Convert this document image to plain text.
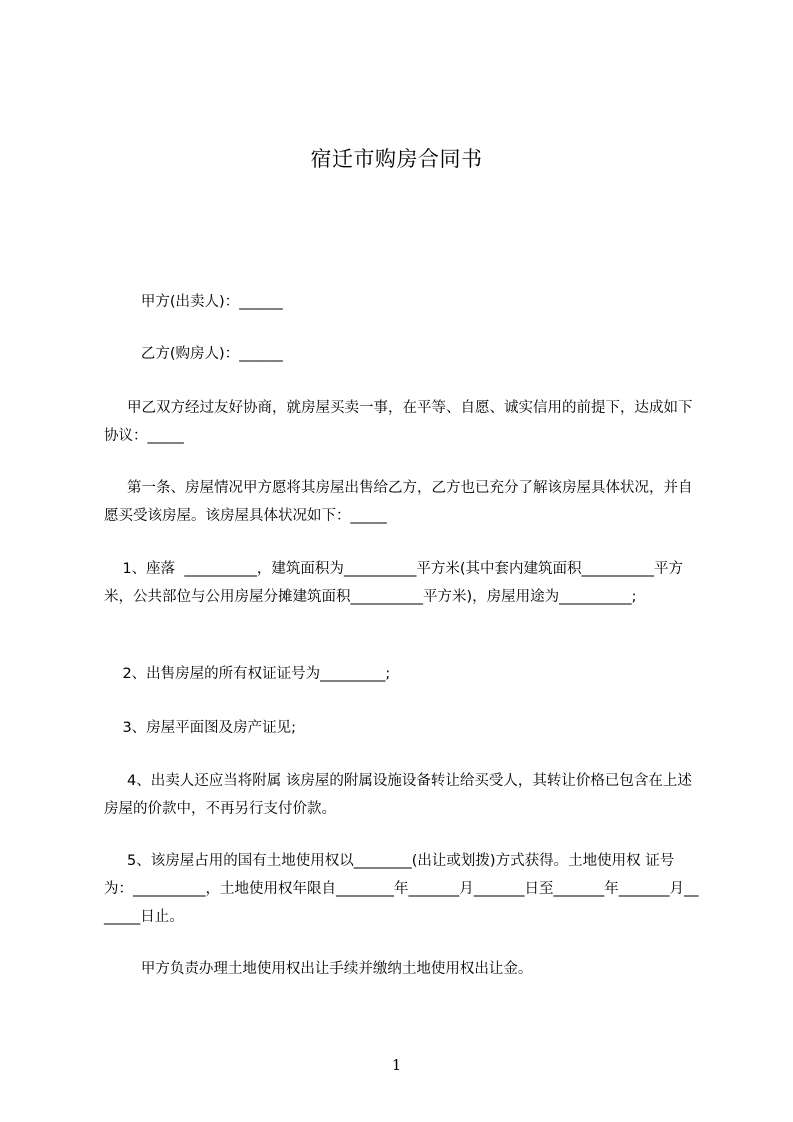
宿迁市购房合同书
甲方(出卖人)：______
乙方(购房人)：______
甲乙双方经过友好协商，就房屋买卖一事，在平等、自愿、诚实信用的前提下，达成如下协议：_____
第一条、房屋情况甲方愿将其房屋出售给乙方，乙方也已充分了解该房屋具体状况，并自愿买受该房屋。该房屋具体状况如下：_____
1、座落  __________，建筑面积为__________平方米(其中套内建筑面积__________平方米，公共部位与公用房屋分摊建筑面积__________平方米)，房屋用途为__________;
2、出售房屋的所有权证证号为_________;
3、房屋平面图及房产证见;
4、出卖人还应当将附属 该房屋的附属设施设备转让给买受人，其转让价格已包含在上述房屋的价款中，不再另行支付价款。
5、该房屋占用的国有土地使用权以________(出让或划拨)方式获得。土地使用权 证号为：__________，土地使用权年限自________年_______月_______日至_______年_______月_______日止。
甲方负责办理土地使用权出让手续并缴纳土地使用权出让金。
1
